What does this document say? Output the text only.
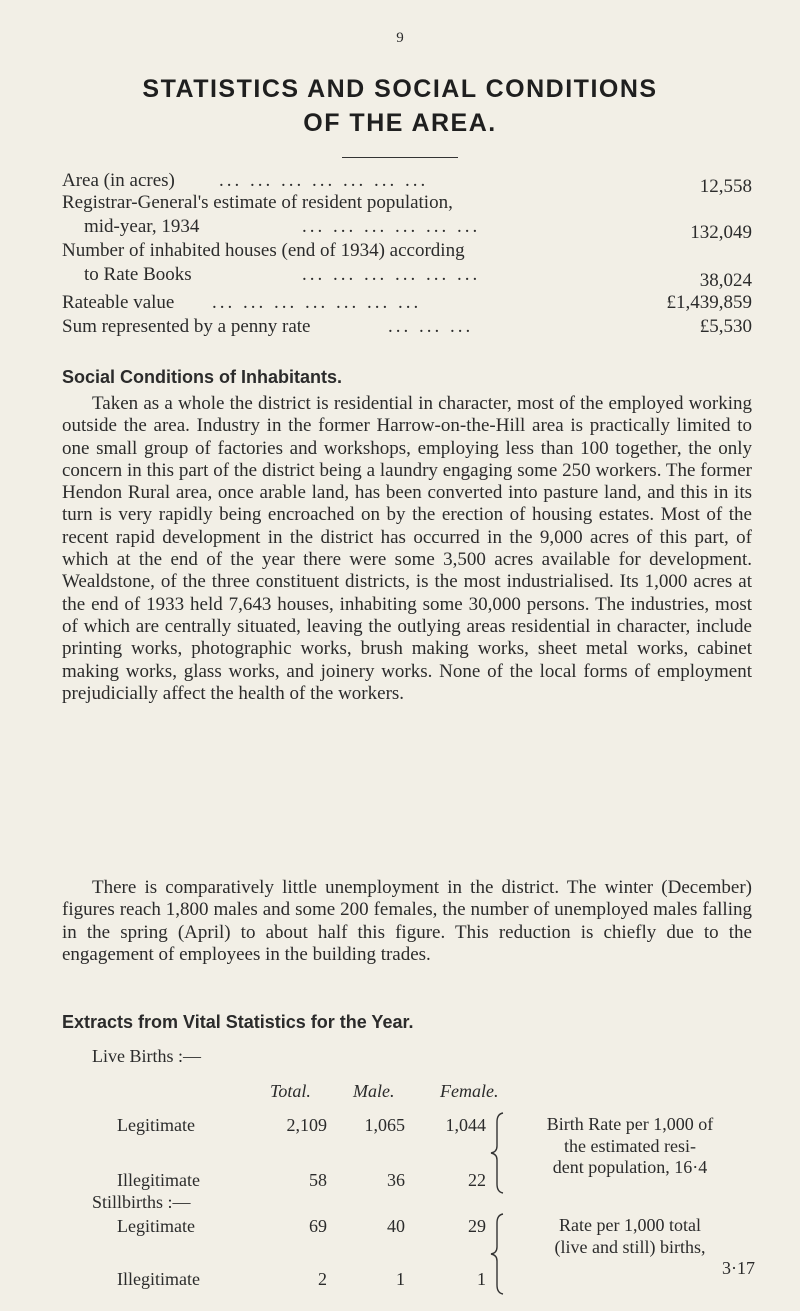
9
STATISTICS AND SOCIAL CONDITIONS
OF THE AREA.
Area (in acres) ... ... ... ... ... ... ...	12,558
Registrar-General's estimate of resident population,
mid-year, 1934	... ... ... ... ... ...	132,049
Number of inhabited houses (end of 1934) according
to Rate Books	... ... ... ... ... ...	38,024
Rateable value ... ... ... ... ... ... ...	£1,439,859
Sum represented by a penny rate	... ... ...	£5,530
Social Conditions of Inhabitants.

Taken as a whole the district is residential in character, most of the employed working outside the area. Industry in the former Harrow-on-the-Hill area is practically limited to one small group of factories and workshops, employing less than 100 together, the only concern in this part of the district being a laundry engaging some 250 workers. The former Hendon Rural area, once arable land, has been converted into pasture land, and this in its turn is very rapidly being encroached on by the erection of housing estates. Most of the recent rapid development in the district has occurred in the 9,000 acres of this part, of which at the end of the year there were some 3,500 acres available for development. Wealdstone, of the three constituent districts, is the most industrialised. Its 1,000 acres at the end of 1933 held 7,643 houses, inhabiting some 30,000 persons. The industries, most of which are centrally situated, leaving the outlying areas residential in character, include printing works, photographic works, brush making works, sheet metal works, cabinet making works, glass works, and joinery works. None of the local forms of employment prejudicially affect the health of the workers.

There is comparatively little unemployment in the district. The winter (December) figures reach 1,800 males and some 200 females, the number of unemployed males falling in the spring (April) to about half this figure. This reduction is chiefly due to the engagement of employees in the building trades.

Extracts from Vital Statistics for the Year.
Live Births :—
Total. Male.	Female.
Legitimate	2,109	1,065	1,044
Illegitimate	58	36	22
Stillbirths :—
Legitimate	69	40	29
Illegitimate	2	1	1
Birth Rate per 1,000 of
the estimated resi-
dent population, 16·4
Rate per 1,000 total
(live and still) births,
3·17
